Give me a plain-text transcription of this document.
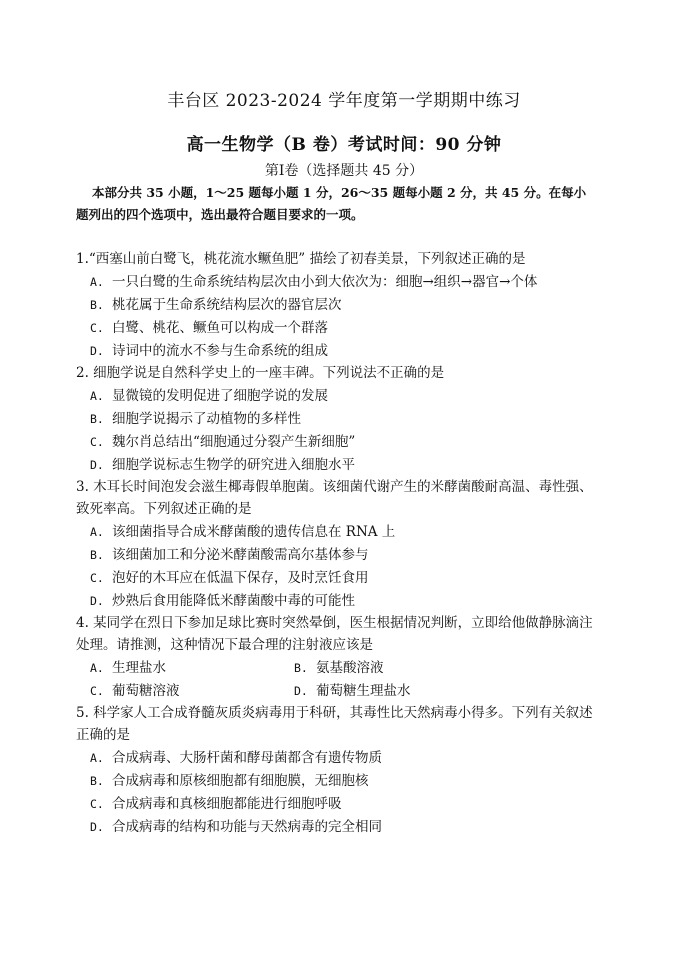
丰台区 2023-2024 学年度第一学期期中练习
高一生物学（B 卷）考试时间：90 分钟
第Ⅰ卷（选择题共 45 分）
本部分共 35 小题，1～25 题每小题 1 分，26～35 题每小题 2 分，共 45 分。在每小
题列出的四个选项中，选出最符合题目要求的一项。
1.“西塞山前白鹭飞，桃花流水鳜鱼肥” 描绘了初春美景，下列叙述正确的是
A. 一只白鹭的生命系统结构层次由小到大依次为：细胞→组织→器官→个体
B. 桃花属于生命系统结构层次的器官层次
C. 白鹭、桃花、鳜鱼可以构成一个群落
D. 诗词中的流水不参与生命系统的组成
2. 细胞学说是自然科学史上的一座丰碑。下列说法不正确的是
A. 显微镜的发明促进了细胞学说的发展
B. 细胞学说揭示了动植物的多样性
C. 魏尔肖总结出“细胞通过分裂产生新细胞”
D. 细胞学说标志生物学的研究进入细胞水平
3. 木耳长时间泡发会滋生椰毒假单胞菌。该细菌代谢产生的米酵菌酸耐高温、毒性强、
致死率高。下列叙述正确的是
A. 该细菌指导合成米酵菌酸的遗传信息在 RNA 上
B. 该细菌加工和分泌米酵菌酸需高尔基体参与
C. 泡好的木耳应在低温下保存，及时烹饪食用
D. 炒熟后食用能降低米酵菌酸中毒的可能性
4. 某同学在烈日下参加足球比赛时突然晕倒，医生根据情况判断，立即给他做静脉滴注
处理。请推测，这种情况下最合理的注射液应该是
A. 生理盐水	B. 氨基酸溶液
C. 葡萄糖溶液	D. 葡萄糖生理盐水
5. 科学家人工合成脊髓灰质炎病毒用于科研，其毒性比天然病毒小得多。下列有关叙述
正确的是
A. 合成病毒、大肠杆菌和酵母菌都含有遗传物质
B. 合成病毒和原核细胞都有细胞膜，无细胞核
C. 合成病毒和真核细胞都能进行细胞呼吸
D. 合成病毒的结构和功能与天然病毒的完全相同
